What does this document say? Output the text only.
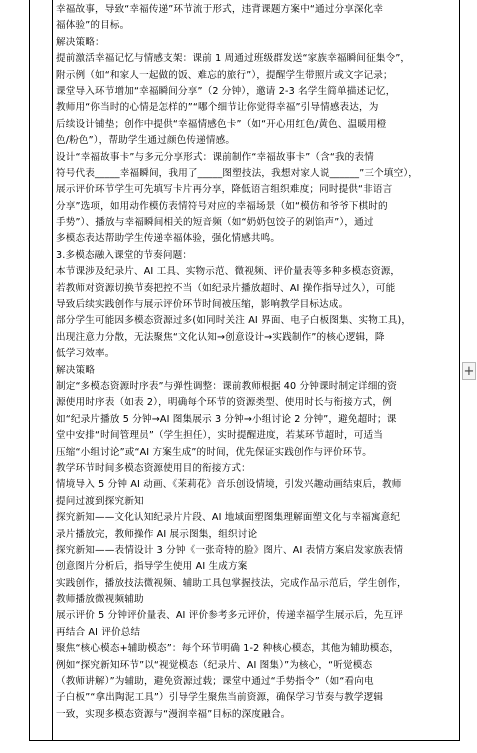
幸福故事，导致“幸福传递”环节流于形式，违背课题方案中“通过分享深化幸
福体验”的目标。
解决策略：
提前激活幸福记忆与情感支架：课前 1 周通过班级群发送“家族幸福瞬间征集令”，
附示例（如“和家人一起做的饭、难忘的旅行”），提醒学生带照片或文字记录；
课堂导入环节增加“幸福瞬间分享”（2 分钟），邀请 2-3 名学生简单描述记忆，
教师用“你当时的心情是怎样的”“哪个细节让你觉得幸福”引导情感表达，为
后续设计铺垫；创作中提供“幸福情感色卡”（如“开心用红色/黄色、温暖用橙
色/粉色”），帮助学生通过颜色传递情感。
设计“幸福故事卡”与多元分享形式：课前制作“幸福故事卡”（含“我的表情
符号代表_____幸福瞬间，我用了_____图塑技法，我想对家人说______”三个填空），
展示评价环节学生可先填写卡片再分享，降低语言组织难度；同时提供“非语言
分享”选项，如用动作模仿表情符号对应的幸福场景（如“模仿和爷爷下棋时的
手势”）、播放与幸福瞬间相关的短音频（如“奶奶包饺子的剁馅声”），通过
多模态表达帮助学生传递幸福体验，强化情感共鸣。
3.多模态融入课堂的节奏问题：
本节课涉及纪录片、AI 工具、实物示范、微视频、评价量表等多种多模态资源，
若教师对资源切换节奏把控不当（如纪录片播放超时、AI 操作指导过久），可能
导致后续实践创作与展示评价环节时间被压缩，影响教学目标达成。
部分学生可能因多模态资源过多(如同时关注 AI 界面、电子白板图集、实物工具)，
出现注意力分散，无法聚焦“文化认知→创意设计→实践制作”的核心逻辑，降
低学习效率。
解决策略
制定“多模态资源时序表”与弹性调整：课前教师根据 40 分钟课时制定详细的资
源使用时序表（如表 2），明确每个环节的资源类型、使用时长与衔接方式，例
如“纪录片播放 5 分钟→AI 图集展示 3 分钟→小组讨论 2 分钟”，避免超时；课
堂中安排“时间管理员”（学生担任），实时提醒进度，若某环节超时，可适当
压缩“小组讨论”或“AI 方案生成”的时间，优先保证实践创作与评价环节。
教学环节时间多模态资源使用目的衔接方式：
情境导入 5 分钟 AI 动画、《茉莉花》音乐创设情境，引发兴趣动画结束后，教师
提问过渡到探究新知
探究新知——文化认知纪录片片段、AI 地域面塑图集理解面塑文化与幸福寓意纪
录片播放完，教师操作 AI 展示图集，组织讨论
探究新知——表情设计 3 分钟《一张奇特的脸》图片、AI 表情方案启发家族表情
创意图片分析后，指导学生使用 AI 生成方案
实践创作，播放技法微视频、辅助工具包掌握技法，完成作品示范后，学生创作，
教师播放微视频辅助
展示评价 5 分钟评价量表、AI 评价参考多元评价，传递幸福学生展示后，先互评
再结合 AI 评价总结
聚焦“核心模态+辅助模态”：每个环节明确 1-2 种核心模态，其他为辅助模态，
例如“探究新知环节”以“视觉模态（纪录片、AI 图集）”为核心，“听觉模态
（教师讲解）”为辅助，避免资源过载；课堂中通过“手势指令”（如“看向电
子白板”“拿出陶泥工具”）引导学生聚焦当前资源，确保学习节奏与教学逻辑
一致，实现多模态资源与“漫润幸福”目标的深度融合。
+
